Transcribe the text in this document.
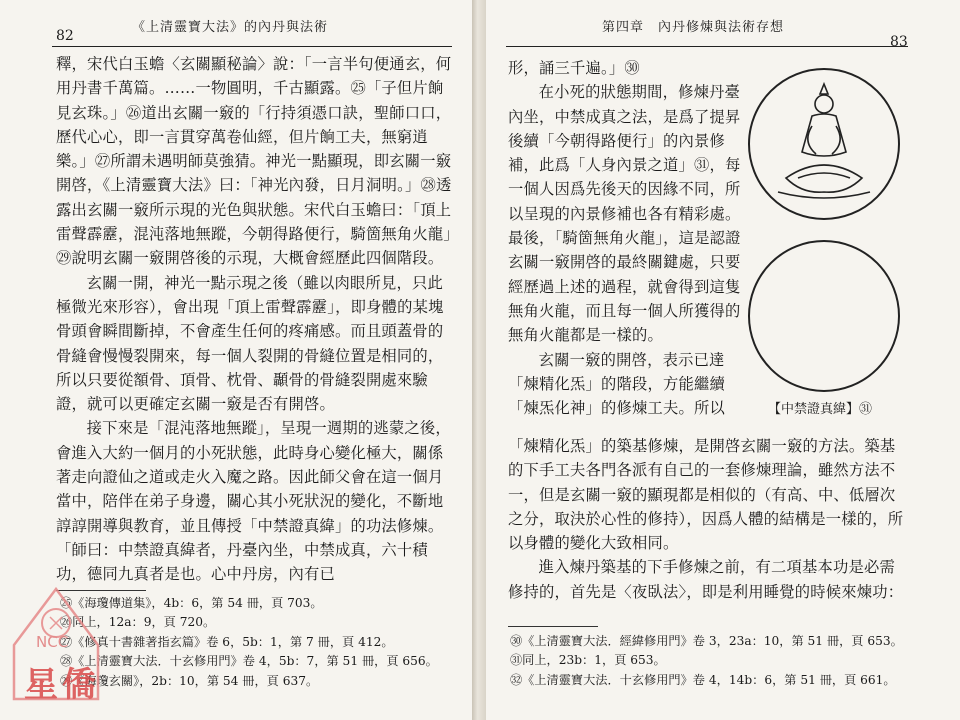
《上清靈寶大法》的內丹與法術
82

釋，宋代白玉蟾〈玄關顯秘論〉說：「一言半句便通玄，何用丹書千萬篇。……一物圓明，千古顯露。㉕「子但片餉見玄珠。」㉖道出玄關一竅的「行持須憑口訣，聖師口口，歷代心心，即一言貫穿萬卷仙經，但片餉工夫，無窮逍樂。」㉗所謂未遇明師莫強猜。神光一點顯現，即玄關一竅開啓，《上清靈寶大法》曰：「神光內發，日月洞明。」㉘透露出玄關一竅所示現的光色與狀態。宋代白玉蟾曰：「頂上雷聲霹靂，混沌落地無蹤，今朝得路便行，騎箇無角火龍」㉙說明玄關一竅開啓後的示現，大概會經歷此四個階段。

玄關一開，神光一點示現之後（雖以肉眼所見，只此極微光來形容），會出現「頂上雷聲霹靂」，即身體的某塊骨頭會瞬間斷掉，不會產生任何的疼痛感。而且頭蓋骨的骨縫會慢慢裂開來，每一個人裂開的骨縫位置是相同的，所以只要從額骨、頂骨、枕骨、顳骨的骨縫裂開處來驗證，就可以更確定玄關一竅是否有開啓。

接下來是「混沌落地無蹤」，呈現一週期的逃蒙之後，會進入大約一個月的小死狀態，此時身心變化極大，關係著走向證仙之道或走火入魔之路。因此師父會在這一個月當中，陪伴在弟子身邊，關心其小死狀況的變化，不斷地諄諄開導與教育，並且傳授「中禁證真緯」的功法修煉。「師曰：中禁證真緯者，丹臺內坐，中禁成真，六十積功，德同九真者是也。心中丹房，內有已

㉕《海瓊傳道集》，4b：6，第 54 冊，頁 703。
㉖同上，12a：9，頁 720。
㉗《修真十書雜著指玄篇》卷 6，5b：1，第 7 冊，頁 412。
㉘《上清靈寶大法．十玄修用門》卷 4，5b：7，第 51 冊，頁 656。
㉙《海瓊玄關》，2b：10，第 54 冊，頁 637。
NCC
星僑
第四章　內丹修煉與法術存想
83

形，誦三千遍。」㉚

在小死的狀態期間，修煉丹臺內坐，中禁成真之法，是爲了提昇後續「今朝得路便行」的內景修補，此爲「人身內景之道」㉛，每一個人因爲先後天的因緣不同，所以呈現的內景修補也各有精彩處。最後，「騎箇無角火龍」，這是認證玄關一竅開啓的最終關鍵處，只要經歷過上述的過程，就會得到這隻無角火龍，而且每一個人所獲得的無角火龍都是一樣的。

玄關一竅的開啓，表示已達「煉精化炁」的階段，方能繼續「煉炁化神」的修煉工夫。所以

「煉精化炁」的築基修煉，是開啓玄關一竅的方法。築基的下手工夫各門各派有自己的一套修煉理論，雖然方法不一，但是玄關一竅的顯現都是相似的（有高、中、低層次之分，取決於心性的修持），因爲人體的結構是一樣的，所以身體的變化大致相同。

進入煉丹築基的下手修煉之前，有二項基本功是必需修持的，首先是〈夜臥法〉，即是利用睡覺的時候來煉功：

【中禁證真緯】㉛
㉚《上清靈寶大法．經緯修用門》卷 3，23a：10，第 51 冊，頁 653。
㉛同上，23b：1，頁 653。
㉜《上清靈寶大法．十玄修用門》卷 4，14b：6，第 51 冊，頁 661。
